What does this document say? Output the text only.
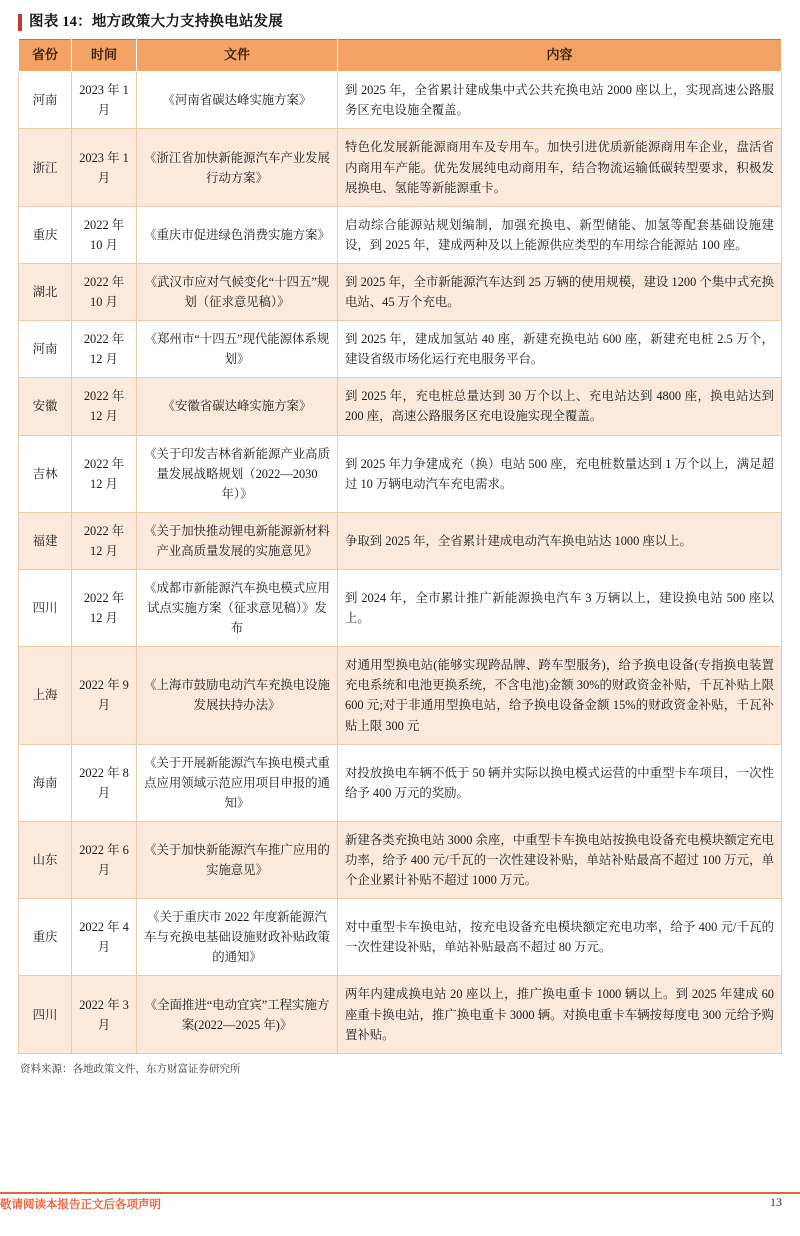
图表 14：地方政策大力支持换电站发展
省份	时间	文件	内容
河南	2023 年 1 月	《河南省碳达峰实施方案》	到 2025 年，全省累计建成集中式公共充换电站 2000 座以上，实现高速公路服务区充电设施全覆盖。
浙江	2023 年 1 月	《浙江省加快新能源汽车产业发展行动方案》	特色化发展新能源商用车及专用车。加快引进优质新能源商用车企业，盘活省内商用车产能。优先发展纯电动商用车，结合物流运输低碳转型要求，积极发展换电、氢能等新能源重卡。
重庆	2022 年 10 月	《重庆市促进绿色消费实施方案》	启动综合能源站规划编制，加强充换电、新型储能、加氢等配套基础设施建设，到 2025 年，建成两种及以上能源供应类型的车用综合能源站 100 座。
湖北	2022 年 10 月	《武汉市应对气候变化“十四五”规划（征求意见稿）》	到 2025 年，全市新能源汽车达到 25 万辆的使用规模，建设 1200 个集中式充换电站、45 万个充电。
河南	2022 年 12 月	《郑州市“十四五”现代能源体系规划》	到 2025 年，建成加氢站 40 座，新建充换电站 600 座，新建充电桩 2.5 万个，建设省级市场化运行充电服务平台。
安徽	2022 年 12 月	《安徽省碳达峰实施方案》	到 2025 年，充电桩总量达到 30 万个以上、充电站达到 4800 座，换电站达到 200 座，高速公路服务区充电设施实现全覆盖。
吉林	2022 年 12 月	《关于印发吉林省新能源产业高质量发展战略规划（2022—2030 年）》	到 2025 年力争建成充（换）电站 500 座，充电桩数量达到 1 万个以上，满足超过 10 万辆电动汽车充电需求。
福建	2022 年 12 月	《关于加快推动锂电新能源新材料产业高质量发展的实施意见》	争取到 2025 年，全省累计建成电动汽车换电站达 1000 座以上。
四川	2022 年 12 月	《成都市新能源汽车换电模式应用试点实施方案（征求意见稿）》发布	到 2024 年，全市累计推广新能源换电汽车 3 万辆以上，建设换电站 500 座以上。
上海	2022 年 9 月	《上海市鼓励电动汽车充换电设施发展扶持办法》	对通用型换电站(能够实现跨品牌、跨车型服务)，给予换电设备(专指换电装置充电系统和电池更换系统，不含电池)金额 30%的财政资金补贴，千瓦补贴上限 600 元;对于非通用型换电站，给予换电设备金额 15%的财政资金补贴，千瓦补贴上限 300 元
海南	2022 年 8 月	《关于开展新能源汽车换电模式重点应用领域示范应用项目申报的通知》	对投放换电车辆不低于 50 辆并实际以换电模式运营的中重型卡车项目，一次性给予 400 万元的奖励。
山东	2022 年 6 月	《关于加快新能源汽车推广应用的实施意见》	新建各类充换电站 3000 余座，中重型卡车换电站按换电设备充电模块额定充电功率，给予 400 元/千瓦的一次性建设补贴，单站补贴最高不超过 100 万元，单个企业累计补贴不超过 1000 万元。
重庆	2022 年 4 月	《关于重庆市 2022 年度新能源汽车与充换电基础设施财政补贴政策的通知》	对中重型卡车换电站，按充电设备充电模块额定充电功率，给予 400 元/千瓦的一次性建设补贴，单站补贴最高不超过 80 万元。
四川	2022 年 3 月	《全面推进“电动宜宾”工程实施方案(2022—2025 年)》	两年内建成换电站 20 座以上，推广换电重卡 1000 辆以上。到 2025 年建成 60 座重卡换电站，推广换电重卡 3000 辆。对换电重卡车辆按每度电 300 元给予购置补贴。
资料来源：各地政策文件，东方财富证券研究所
敬请阅读本报告正文后各项声明	13
